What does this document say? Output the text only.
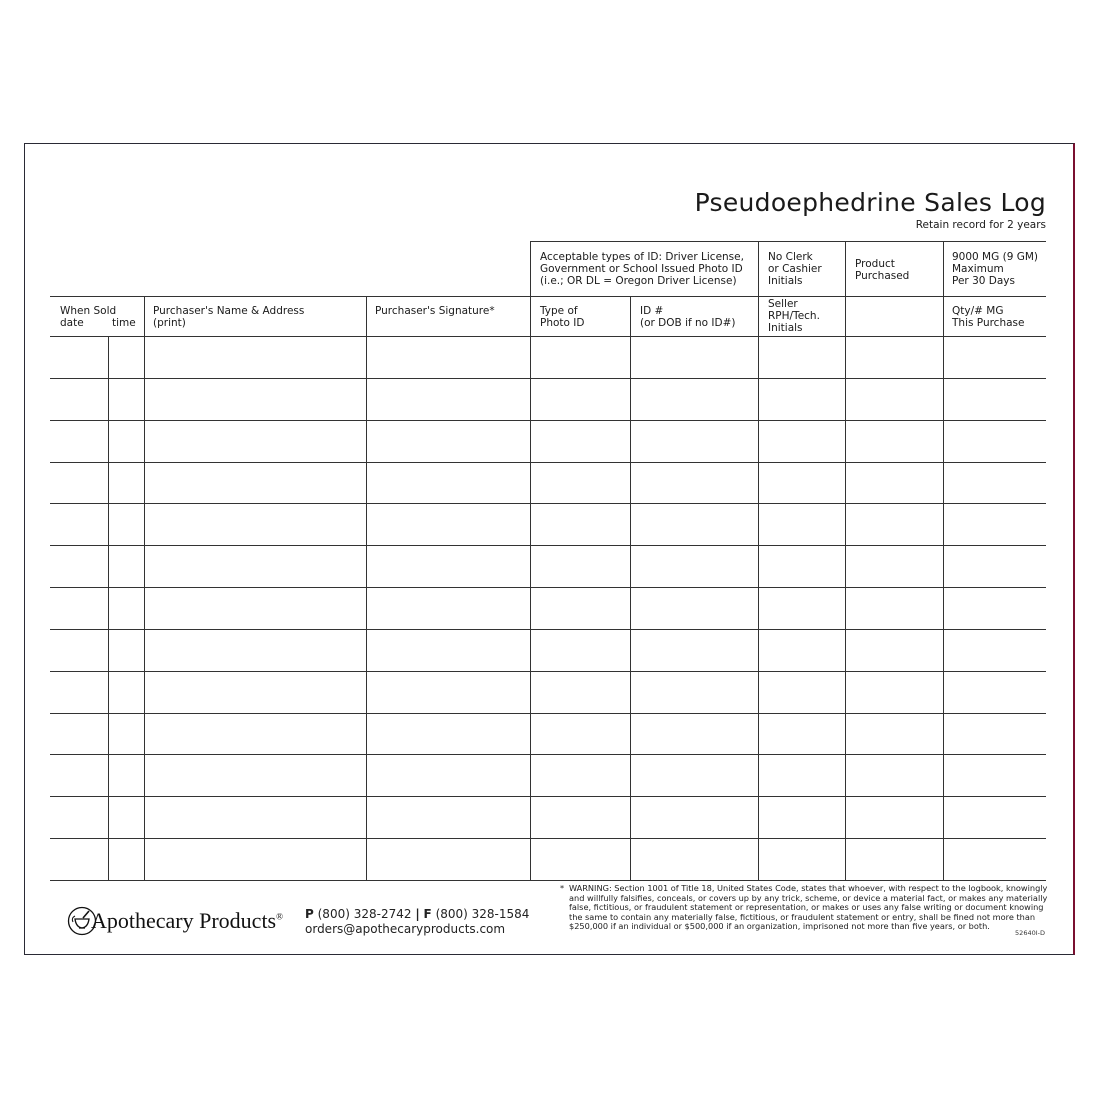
Pseudoephedrine Sales Log
Retain record for 2 years
Acceptable types of ID: Driver License,
Government or School Issued Photo ID
(i.e.; OR DL = Oregon Driver License)
No Clerk
or Cashier
Initials
Product
Purchased
9000 MG (9 GM)
Maximum
Per 30 Days
When Sold
date	time
Purchaser's Name & Address
(print)
Purchaser's Signature*	Type of
Photo ID
ID #
(or DOB if no ID#)
Seller
RPH/Tech.
Initials
Qty/# MG
This Purchase
Apothecary Products® P (800) 328-2742 | F (800) 328-1584
orders@apothecaryproducts.com
* WARNING: Section 1001 of Title 18, United States Code, states that whoever, with respect to the logbook, knowingly and willfully falsifies, conceals, or covers up by any trick, scheme, or device a material fact, or makes any materially false, fictitious, or fraudulent statement or representation, or makes or uses any false writing or document knowing the same to contain any materially false, fictitious, or fraudulent statement or entry, shall be fined not more than $250,000 if an individual or $500,000 if an organization, imprisoned not more than five years, or both.
52640I-D
